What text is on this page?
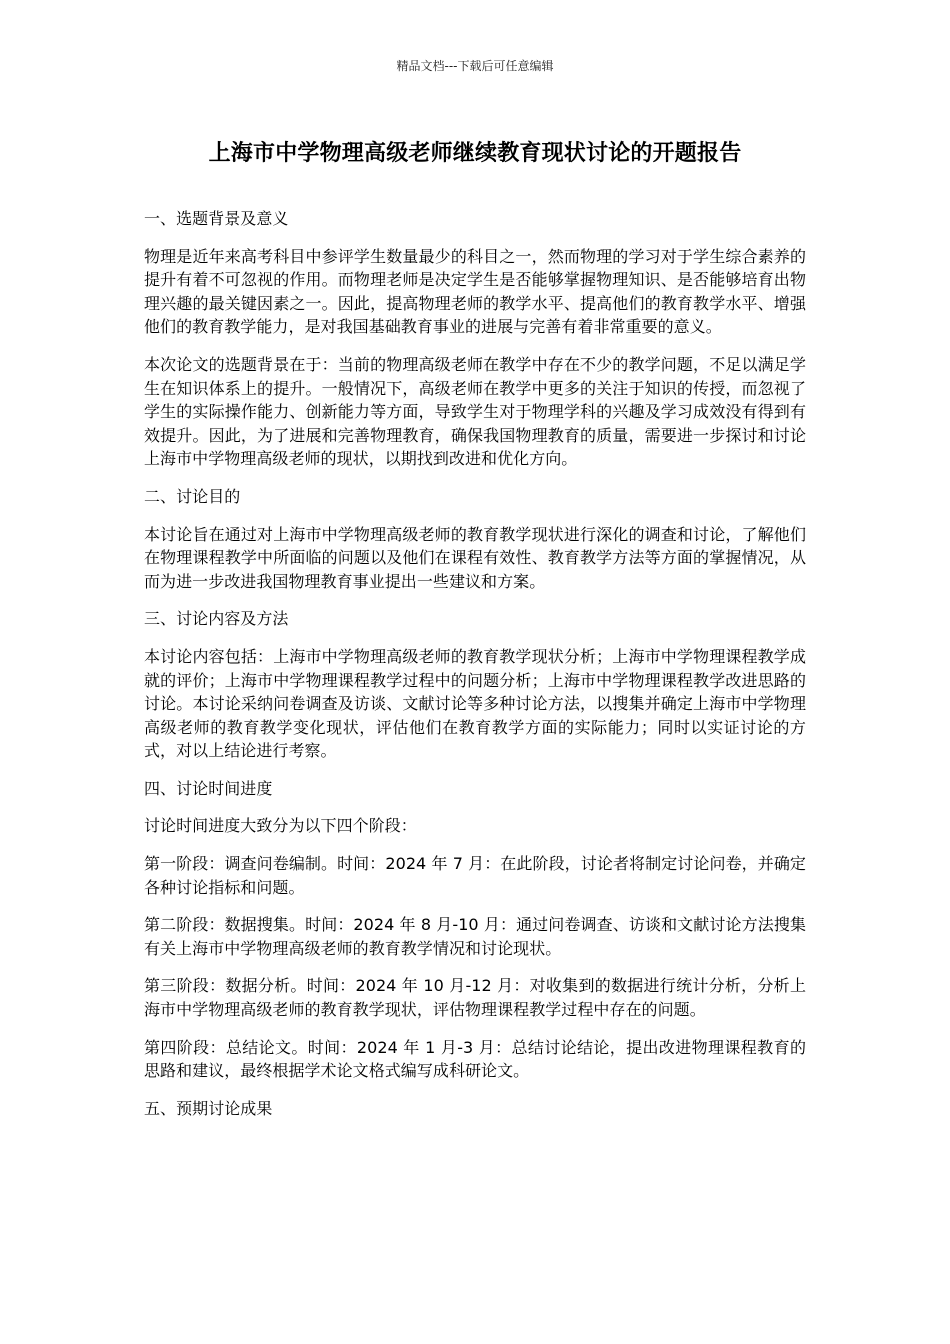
精品文档---下载后可任意编辑
上海市中学物理高级老师继续教育现状讨论的开题报告

一、选题背景及意义

物理是近年来高考科目中参评学生数量最少的科目之一，然而物理的学习对于学生综合素养的提升有着不可忽视的作用。而物理老师是决定学生是否能够掌握物理知识、是否能够培育出物理兴趣的最关键因素之一。因此，提高物理老师的教学水平、提高他们的教育教学水平、增强他们的教育教学能力，是对我国基础教育事业的进展与完善有着非常重要的意义。

本次论文的选题背景在于：当前的物理高级老师在教学中存在不少的教学问题，不足以满足学生在知识体系上的提升。一般情况下，高级老师在教学中更多的关注于知识的传授，而忽视了学生的实际操作能力、创新能力等方面，导致学生对于物理学科的兴趣及学习成效没有得到有效提升。因此，为了进展和完善物理教育，确保我国物理教育的质量，需要进一步探讨和讨论上海市中学物理高级老师的现状，以期找到改进和优化方向。

二、讨论目的

本讨论旨在通过对上海市中学物理高级老师的教育教学现状进行深化的调查和讨论，了解他们在物理课程教学中所面临的问题以及他们在课程有效性、教育教学方法等方面的掌握情况，从而为进一步改进我国物理教育事业提出一些建议和方案。

三、讨论内容及方法

本讨论内容包括：上海市中学物理高级老师的教育教学现状分析；上海市中学物理课程教学成就的评价；上海市中学物理课程教学过程中的问题分析；上海市中学物理课程教学改进思路的讨论。本讨论采纳问卷调查及访谈、文献讨论等多种讨论方法，以搜集并确定上海市中学物理高级老师的教育教学变化现状，评估他们在教育教学方面的实际能力；同时以实证讨论的方式，对以上结论进行考察。

四、讨论时间进度

讨论时间进度大致分为以下四个阶段：

第一阶段：调查问卷编制。时间：2024 年 7 月：在此阶段，讨论者将制定讨论问卷，并确定各种讨论指标和问题。

第二阶段：数据搜集。时间：2024 年 8 月-10 月：通过问卷调查、访谈和文献讨论方法搜集有关上海市中学物理高级老师的教育教学情况和讨论现状。

第三阶段：数据分析。时间：2024 年 10 月-12 月：对收集到的数据进行统计分析，分析上海市中学物理高级老师的教育教学现状，评估物理课程教学过程中存在的问题。

第四阶段：总结论文。时间：2024 年 1 月-3 月：总结讨论结论，提出改进物理课程教育的思路和建议，最终根据学术论文格式编写成科研论文。

五、预期讨论成果
